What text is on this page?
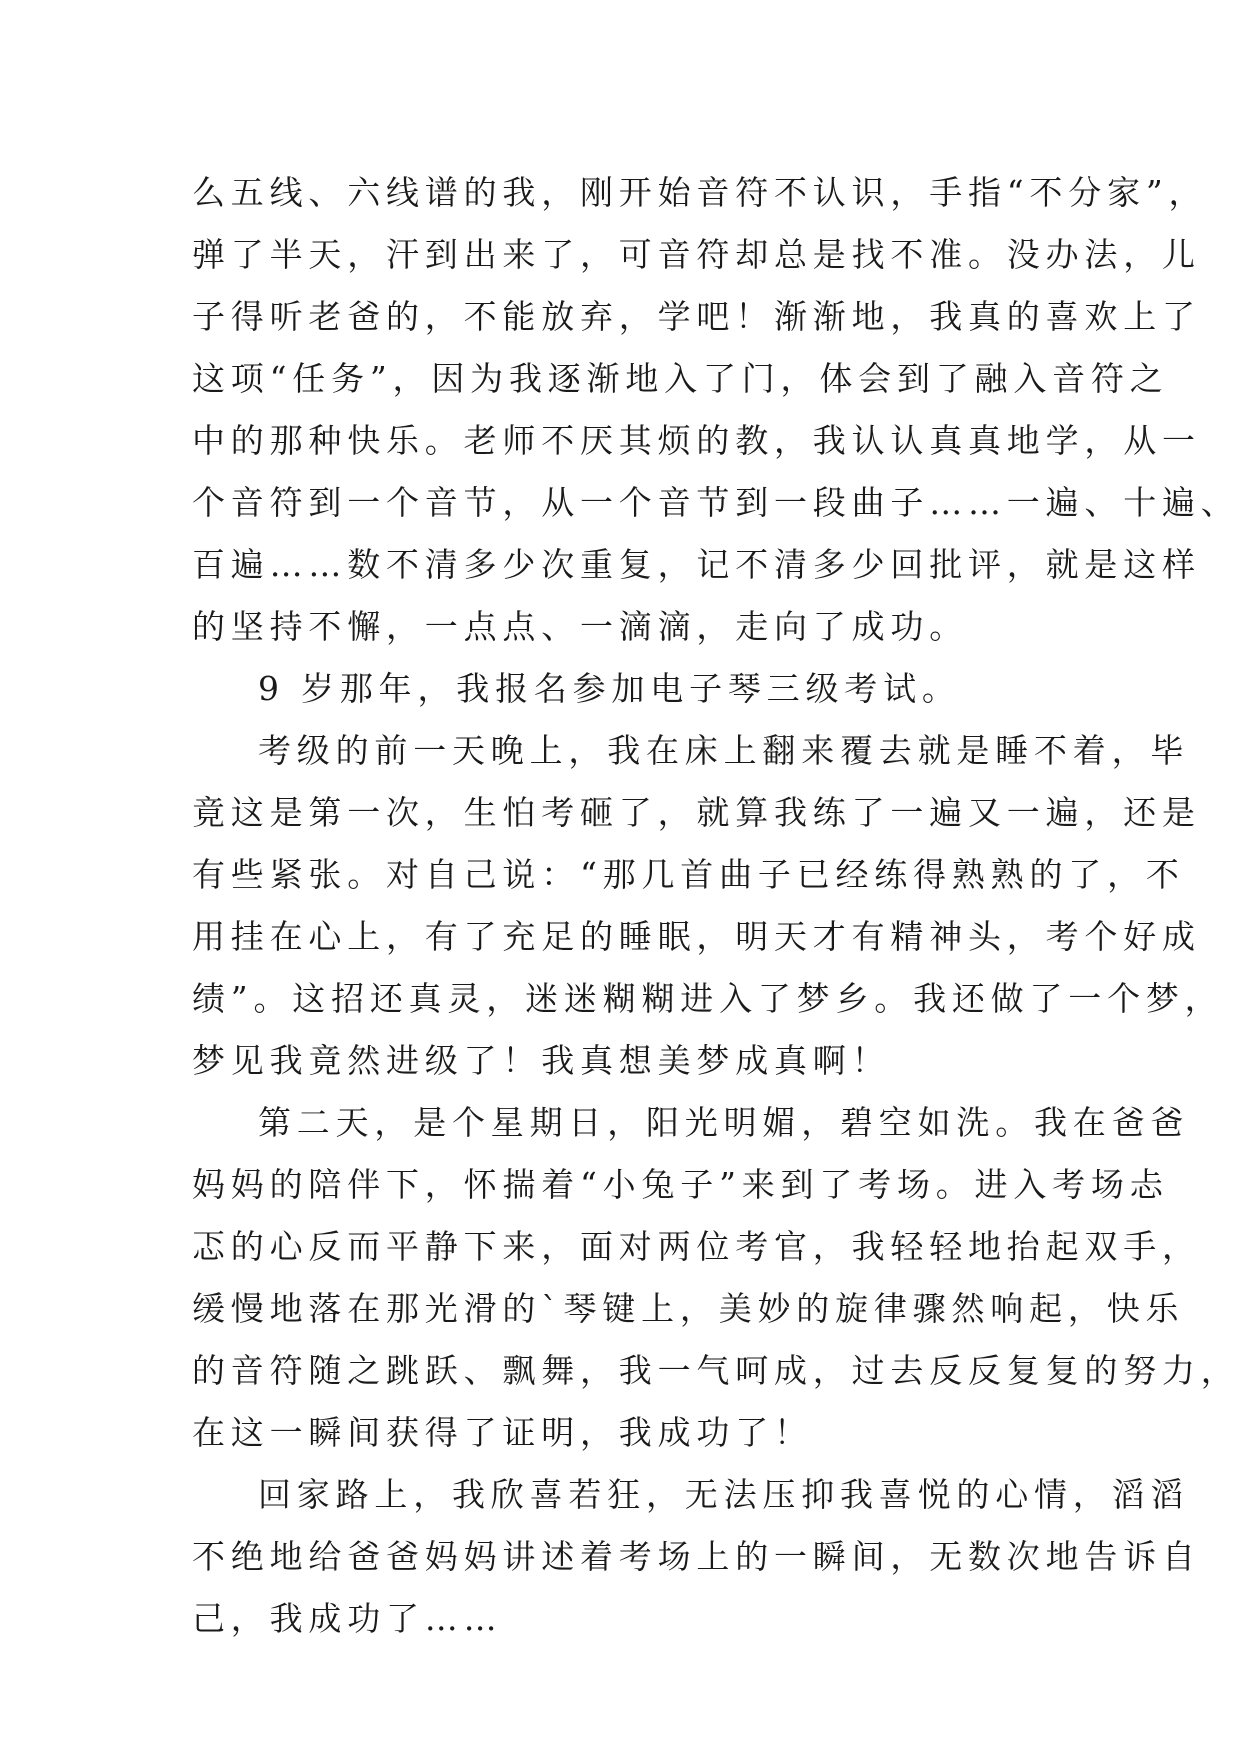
么五线、六线谱的我，刚开始音符不认识，手指“不分家”，
弹了半天，汗到出来了，可音符却总是找不准。没办法，儿
子得听老爸的，不能放弃，学吧！渐渐地，我真的喜欢上了
这项“任务”，因为我逐渐地入了门，体会到了融入音符之
中的那种快乐。老师不厌其烦的教，我认认真真地学，从一
个音符到一个音节，从一个音节到一段曲子……一遍、十遍、
百遍……数不清多少次重复，记不清多少回批评，就是这样
的坚持不懈，一点点、一滴滴，走向了成功。
9 岁那年，我报名参加电子琴三级考试。
考级的前一天晚上，我在床上翻来覆去就是睡不着，毕
竟这是第一次，生怕考砸了，就算我练了一遍又一遍，还是
有些紧张。对自己说：“那几首曲子已经练得熟熟的了，不
用挂在心上，有了充足的睡眠，明天才有精神头，考个好成
绩”。这招还真灵，迷迷糊糊进入了梦乡。我还做了一个梦，
梦见我竟然进级了！我真想美梦成真啊！
第二天，是个星期日，阳光明媚，碧空如洗。我在爸爸
妈妈的陪伴下，怀揣着“小兔子”来到了考场。进入考场忐
忑的心反而平静下来，面对两位考官，我轻轻地抬起双手，
缓慢地落在那光滑的`琴键上，美妙的旋律骤然响起，快乐
的音符随之跳跃、飘舞，我一气呵成，过去反反复复的努力，
在这一瞬间获得了证明，我成功了！
回家路上，我欣喜若狂，无法压抑我喜悦的心情，滔滔
不绝地给爸爸妈妈讲述着考场上的一瞬间，无数次地告诉自
己，我成功了……
